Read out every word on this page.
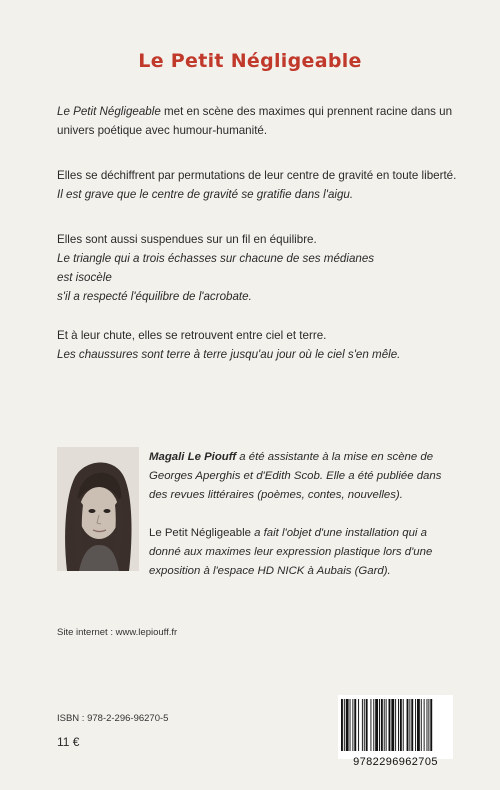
Le Petit Négligeable

Le Petit Négligeable met en scène des maximes qui prennent racine dans un univers poétique avec humour-humanité.

Elles se déchiffrent par permutations de leur centre de gravité en toute liberté.

Il est grave que le centre de gravité se gratifie dans l'aigu.

Elles sont aussi suspendues sur un fil en équilibre.

Le triangle qui a trois échasses sur chacune de ses médianes

est isocèle

s'il a respecté l'équilibre de l'acrobate.

Et à leur chute, elles se retrouvent entre ciel et terre.

Les chaussures sont terre à terre jusqu'au jour où le ciel s'en mêle.

Magali Le Piouff a été assistante à la mise en scène de Georges Aperghis et d'Edith Scob. Elle a été publiée dans des revues littéraires (poèmes, contes, nouvelles).

Le Petit Négligeable a fait l'objet d'une installation qui a donné aux maximes leur expression plastique lors d'une exposition à l'espace HD NICK à Aubais (Gard).

Site internet : www.lepiouff.fr
ISBN : 978-2-296-96270-5
11 €
9782296962705
